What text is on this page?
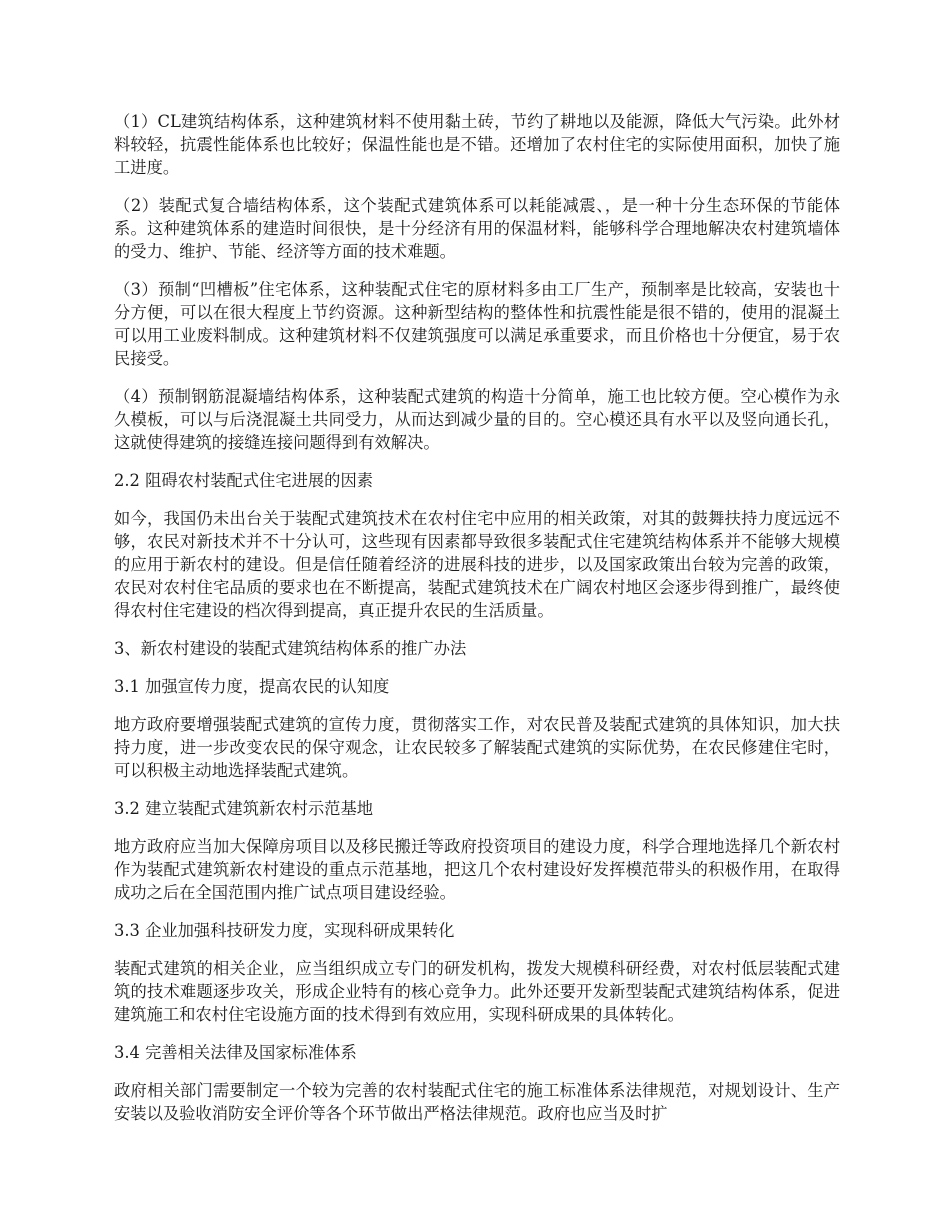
（1）CL建筑结构体系，这种建筑材料不使用黏土砖，节约了耕地以及能源，降低大气污染。此外材料较轻，抗震性能体系也比较好；保温性能也是不错。还增加了农村住宅的实际使用面积，加快了施工进度。

（2）装配式复合墙结构体系，这个装配式建筑体系可以耗能减震、，是一种十分生态环保的节能体系。这种建筑体系的建造时间很快，是十分经济有用的保温材料，能够科学合理地解决农村建筑墙体的受力、维护、节能、经济等方面的技术难题。

（3）预制“凹槽板”住宅体系，这种装配式住宅的原材料多由工厂生产，预制率是比较高，安装也十分方便，可以在很大程度上节约资源。这种新型结构的整体性和抗震性能是很不错的，使用的混凝土可以用工业废料制成。这种建筑材料不仅建筑强度可以满足承重要求，而且价格也十分便宜，易于农民接受。

（4）预制钢筋混凝墙结构体系，这种装配式建筑的构造十分简单，施工也比较方便。空心模作为永久模板，可以与后浇混凝土共同受力，从而达到减少量的目的。空心模还具有水平以及竖向通长孔，这就使得建筑的接缝连接问题得到有效解决。

2.2 阻碍农村装配式住宅进展的因素

如今，我国仍未出台关于装配式建筑技术在农村住宅中应用的相关政策，对其的鼓舞扶持力度远远不够，农民对新技术并不十分认可，这些现有因素都导致很多装配式住宅建筑结构体系并不能够大规模的应用于新农村的建设。但是信任随着经济的进展科技的进步，以及国家政策出台较为完善的政策，农民对农村住宅品质的要求也在不断提高，装配式建筑技术在广阔农村地区会逐步得到推广，最终使得农村住宅建设的档次得到提高，真正提升农民的生活质量。

3、新农村建设的装配式建筑结构体系的推广办法

3.1 加强宣传力度，提高农民的认知度

地方政府要增强装配式建筑的宣传力度，贯彻落实工作，对农民普及装配式建筑的具体知识，加大扶持力度，进一步改变农民的保守观念，让农民较多了解装配式建筑的实际优势，在农民修建住宅时，可以积极主动地选择装配式建筑。

3.2 建立装配式建筑新农村示范基地

地方政府应当加大保障房项目以及移民搬迁等政府投资项目的建设力度，科学合理地选择几个新农村作为装配式建筑新农村建设的重点示范基地，把这几个农村建设好发挥模范带头的积极作用，在取得成功之后在全国范围内推广试点项目建设经验。

3.3 企业加强科技研发力度，实现科研成果转化

装配式建筑的相关企业，应当组织成立专门的研发机构，拨发大规模科研经费，对农村低层装配式建筑的技术难题逐步攻关，形成企业特有的核心竞争力。此外还要开发新型装配式建筑结构体系，促进建筑施工和农村住宅设施方面的技术得到有效应用，实现科研成果的具体转化。

3.4 完善相关法律及国家标准体系

政府相关部门需要制定一个较为完善的农村装配式住宅的施工标准体系法律规范，对规划设计、生产安装以及验收消防安全评价等各个环节做出严格法律规范。政府也应当及时扩
